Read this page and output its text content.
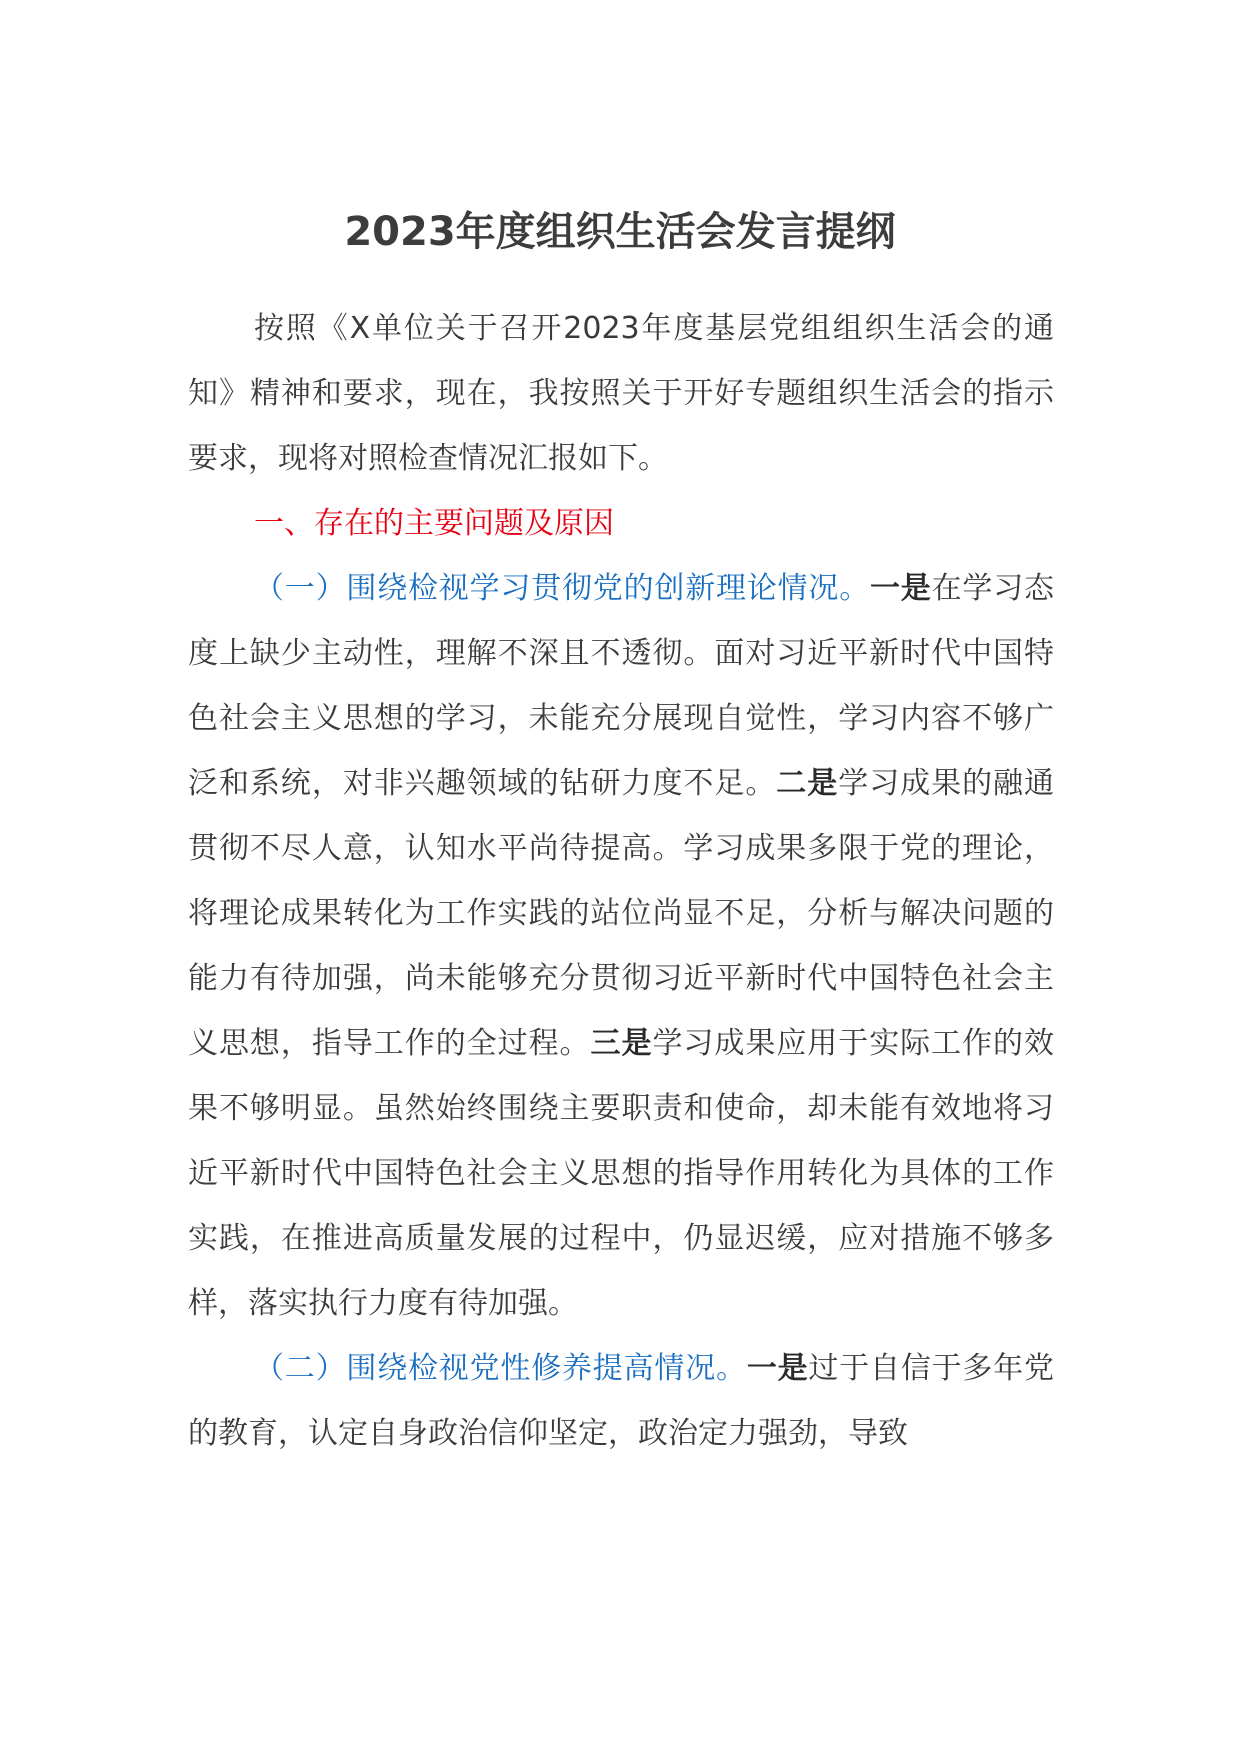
2023年度组织生活会发言提纲

按照《X单位关于召开2023年度基层党组组织生活会的通知》精神和要求，现在，我按照关于开好专题组织生活会的指示要求，现将对照检查情况汇报如下。

一、存在的主要问题及原因

（一）围绕检视学习贯彻党的创新理论情况。一是在学习态度上缺少主动性，理解不深且不透彻。面对习近平新时代中国特色社会主义思想的学习，未能充分展现自觉性，学习内容不够广泛和系统，对非兴趣领域的钻研力度不足。二是学习成果的融通贯彻不尽人意，认知水平尚待提高。学习成果多限于党的理论，将理论成果转化为工作实践的站位尚显不足，分析与解决问题的能力有待加强，尚未能够充分贯彻习近平新时代中国特色社会主义思想，指导工作的全过程。三是学习成果应用于实际工作的效果不够明显。虽然始终围绕主要职责和使命，却未能有效地将习近平新时代中国特色社会主义思想的指导作用转化为具体的工作实践，在推进高质量发展的过程中，仍显迟缓，应对措施不够多样，落实执行力度有待加强。

（二）围绕检视党性修养提高情况。一是过于自信于多年党的教育，认定自身政治信仰坚定，政治定力强劲，导致
